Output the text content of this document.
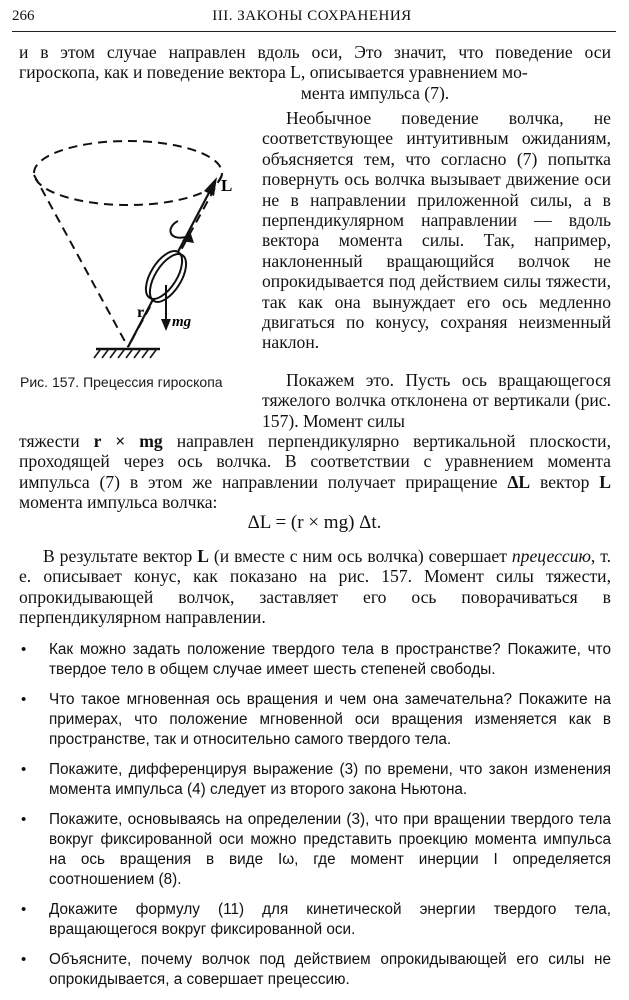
266	III. ЗАКОНЫ СОХРАНЕНИЯ
и в этом случае направлен вдоль оси, Это значит, что поведение оси гироскопа, как и поведение вектора L, описывается уравнением мо-
мента импульса (7).
L
r
mg
Рис. 157. Прецессия гироскопа
Необычное поведение волчка, не соответствующее интуитивным ожиданиям, объясняется тем, что согласно (7) попытка повернуть ось волчка вызывает движение оси не в направлении приложенной силы, а в перпендикулярном направлении — вдоль вектора момента силы. Так, например, наклоненный вращающийся волчок не опрокидывается под действием силы тяжести, так как она вынуждает его ось медленно двигаться по конусу, сохраняя неизменный наклон.
Покажем это. Пусть ось вращающегося тяжелого волчка отклонена от вертикали (рис. 157). Момент силы
тяжести r × mg направлен перпендикулярно вертикальной плоскости, проходящей через ось волчка. В соответствии с уравнением момента импульса (7) в этом же направлении получает приращение ΔL вектор L момента импульса волчка:
ΔL = (r × mg) Δt.
В результате вектор L (и вместе с ним ось волчка) совершает прецессию, т. е. описывает конус, как показано на рис. 157. Момент силы тяжести, опрокидывающей волчок, заставляет его ось поворачиваться в перпендикулярном направлении.
• Как можно задать положение твердого тела в пространстве? Покажите, что твердое тело в общем случае имеет шесть степеней свободы.
• Что такое мгновенная ось вращения и чем она замечательна? Покажите на примерах, что положение мгновенной оси вращения изменяется как в пространстве, так и относительно самого твердого тела.
• Покажите, дифференцируя выражение (3) по времени, что закон изменения момента импульса (4) следует из второго закона Ньютона.
• Покажите, основываясь на определении (3), что при вращении твердого тела вокруг фиксированной оси можно представить проекцию момента импульса на ось вращения в виде Iω, где момент инерции I определяется соотношением (8).
• Докажите формулу (11) для кинетической энергии твердого тела, вращающегося вокруг фиксированной оси.
• Объясните, почему волчок под действием опрокидывающей его силы не опрокидывается, а совершает прецессию.
